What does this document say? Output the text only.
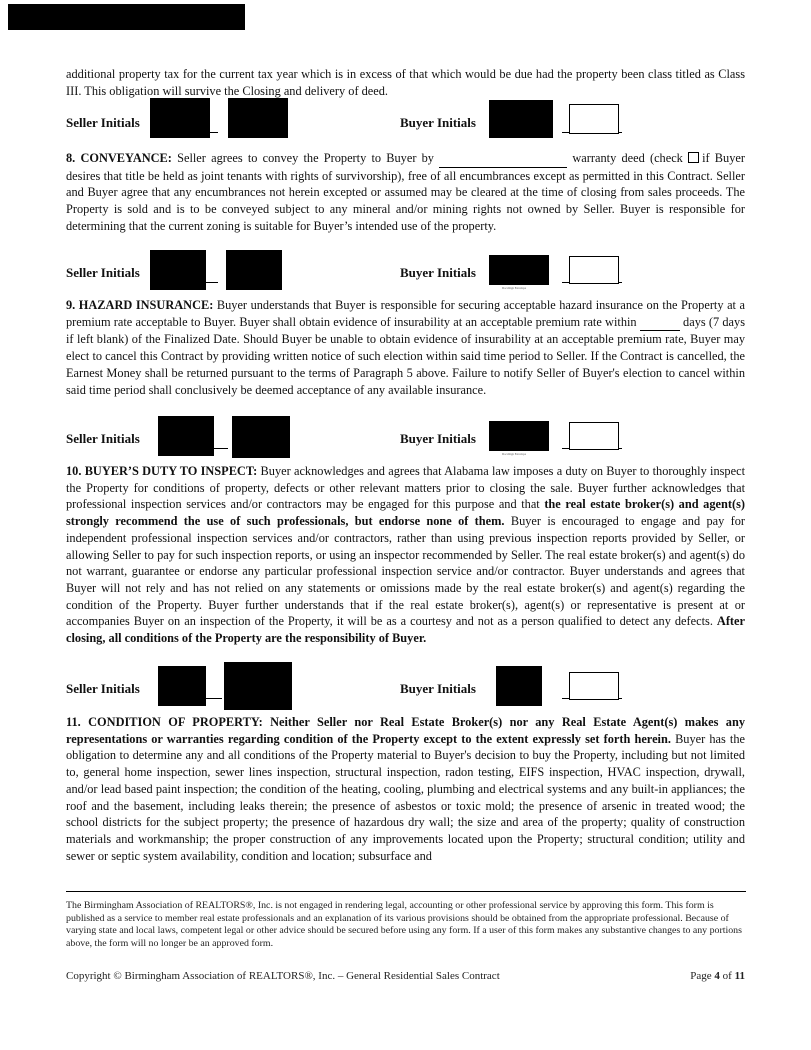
additional property tax for the current tax year which is in excess of that which would be due had the property been class titled as Class III. This obligation will survive the Closing and delivery of deed.

Seller Initials	Buyer Initials

8. CONVEYANCE: Seller agrees to convey the Property to Buyer by	warranty deed (check if Buyer desires that title be held as joint tenants with rights of survivorship), free of all encumbrances except as permitted in this Contract. Seller and Buyer agree that any encumbrances not herein excepted or assumed may be cleared at the time of closing from sales proceeds. The Property is sold and is to be conveyed subject to any mineral and/or mining rights not owned by Seller. Buyer is responsible for determining that the current zoning is suitable for Buyer’s intended use of the property.

Seller Initials	Buyer Initials
DocuSign Envelope

9. HAZARD INSURANCE: Buyer understands that Buyer is responsible for securing acceptable hazard insurance on the Property at a premium rate acceptable to Buyer. Buyer shall obtain evidence of insurability at an acceptable premium rate within	days (7 days if left blank) of the Finalized Date. Should Buyer be unable to obtain evidence of insurability at an acceptable premium rate, Buyer may elect to cancel this Contract by providing written notice of such election within said time period to Seller. If the Contract is cancelled, the Earnest Money shall be returned pursuant to the terms of Paragraph 5 above. Failure to notify Seller of Buyer's election to cancel within said time period shall conclusively be deemed acceptance of any available insurance.

Seller Initials	Buyer Initials
DocuSign Envelope

10. BUYER’S DUTY TO INSPECT: Buyer acknowledges and agrees that Alabama law imposes a duty on Buyer to thoroughly inspect the Property for conditions of property, defects or other relevant matters prior to closing the sale. Buyer further acknowledges that professional inspection services and/or contractors may be engaged for this purpose and that the real estate broker(s) and agent(s) strongly recommend the use of such professionals, but endorse none of them. Buyer is encouraged to engage and pay for independent professional inspection services and/or contractors, rather than using previous inspection reports provided by Seller, or allowing Seller to pay for such inspection reports, or using an inspector recommended by Seller. The real estate broker(s) and agent(s) do not warrant, guarantee or endorse any particular professional inspection service and/or contractor. Buyer understands and agrees that Buyer will not rely and has not relied on any statements or omissions made by the real estate broker(s) and agent(s) regarding the condition of the Property. Buyer further understands that if the real estate broker(s), agent(s) or representative is present at or accompanies Buyer on an inspection of the Property, it will be as a courtesy and not as a person qualified to detect any defects. After closing, all conditions of the Property are the responsibility of Buyer.

Seller Initials	Buyer Initials

11. CONDITION OF PROPERTY: Neither Seller nor Real Estate Broker(s) nor any Real Estate Agent(s) makes any representations or warranties regarding condition of the Property except to the extent expressly set forth herein. Buyer has the obligation to determine any and all conditions of the Property material to Buyer's decision to buy the Property, including but not limited to, general home inspection, sewer lines inspection, structural inspection, radon testing, EIFS inspection, HVAC inspection, drywall, and/or lead based paint inspection; the condition of the heating, cooling, plumbing and electrical systems and any built-in appliances; the roof and the basement, including leaks therein; the presence of asbestos or toxic mold; the presence of arsenic in treated wood; the school districts for the subject property; the presence of hazardous dry wall; the size and area of the property; quality of construction materials and workmanship; the proper construction of any improvements located upon the Property; structural condition; utility and sewer or septic system availability, condition and location; subsurface and

The Birmingham Association of REALTORS®, Inc. is not engaged in rendering legal, accounting or other professional service by approving this form. This form is published as a service to member real estate professionals and an explanation of its various provisions should be obtained from the appropriate professional. Because of varying state and local laws, competent legal or other advice should be secured before using any form. If a user of this form makes any substantive changes to any portions above, the form will no longer be an approved form.

Copyright © Birmingham Association of REALTORS®, Inc. – General Residential Sales Contract	Page 4 of 11
